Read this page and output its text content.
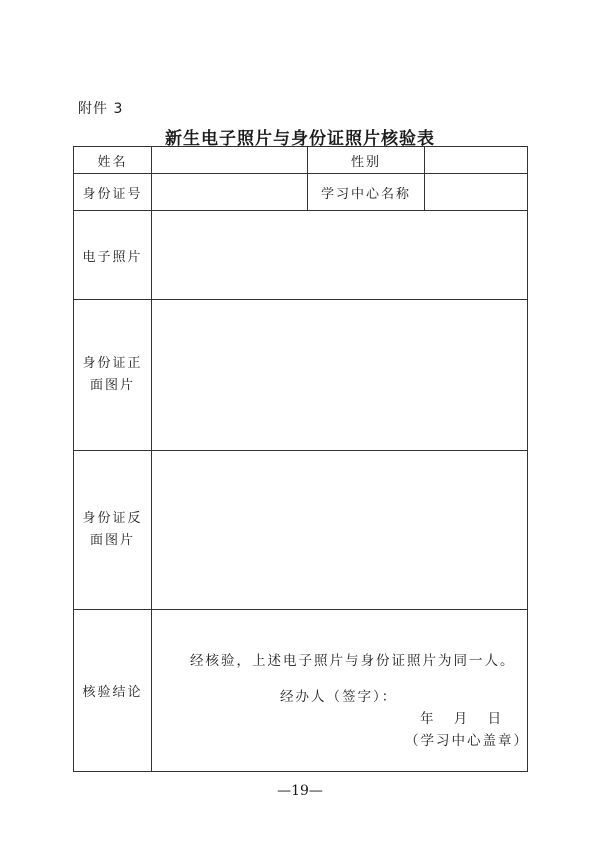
附件 3
新生电子照片与身份证照片核验表
姓名		性别	
身份证号		学习中心名称	
电子照片			

身份证正
面图片			

身份证反
面图片			

核验结论	经核验，上述电子照片与身份证照片为同一人。
经办人（签字）：
年 月 日
（学习中心盖章）		
—19—
